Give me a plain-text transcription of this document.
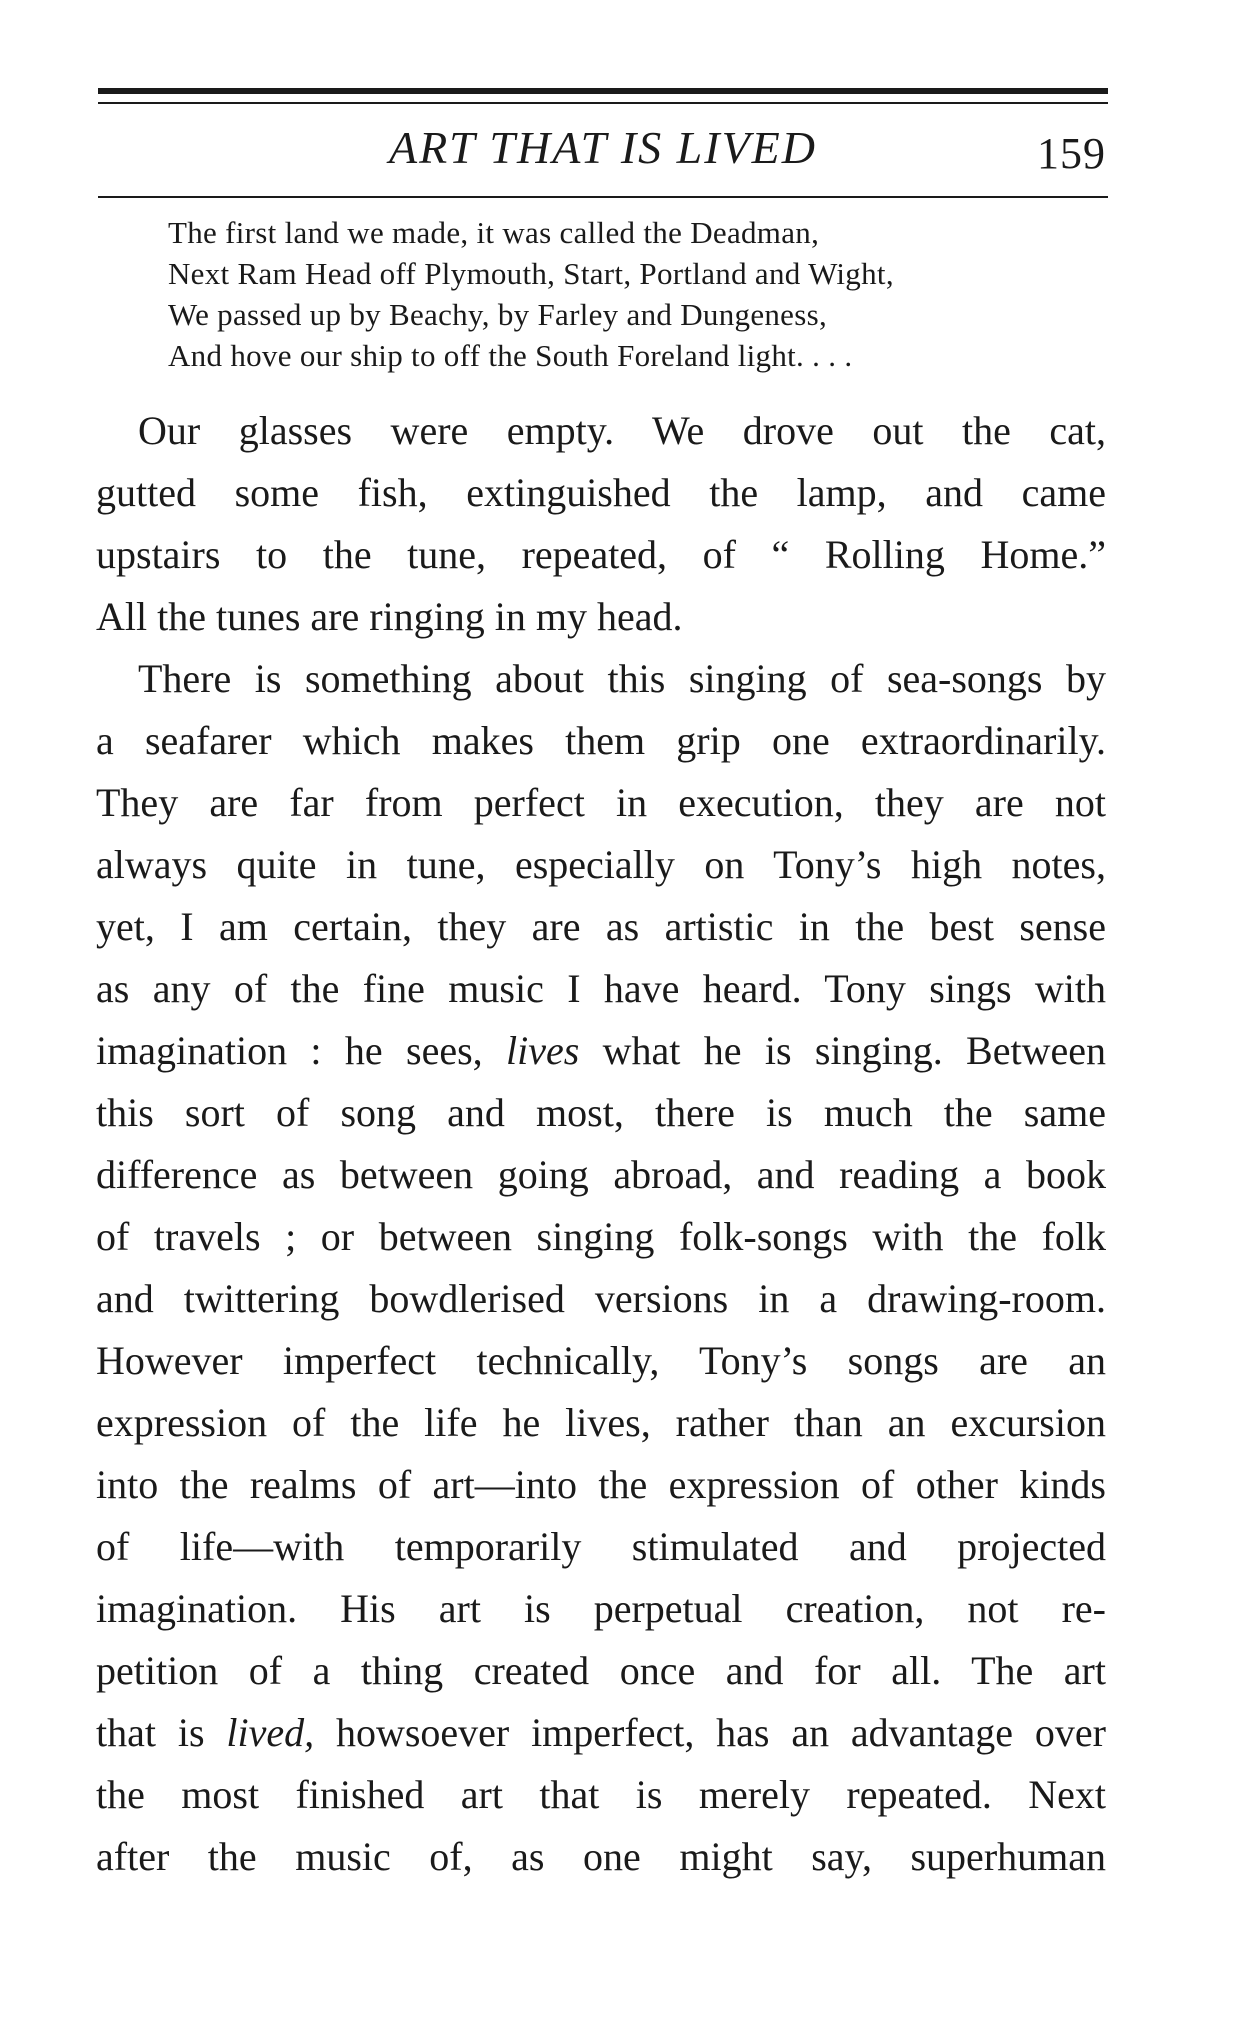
ART THAT IS LIVED	159
The first land we made, it was called the Deadman,
Next Ram Head off Plymouth, Start, Portland and Wight,
We passed up by Beachy, by Farley and Dungeness,
And hove our ship to off the South Foreland light. . . .
Our glasses were empty. We drove out the cat,
gutted some fish, extinguished the lamp, and came
upstairs to the tune, repeated, of “ Rolling Home.”
All the tunes are ringing in my head.
There is something about this singing of sea-songs by
a seafarer which makes them grip one extraordinarily.
They are far from perfect in execution, they are not
always quite in tune, especially on Tony’s high notes,
yet, I am certain, they are as artistic in the best sense
as any of the fine music I have heard. Tony sings with
imagination : he sees, lives what he is singing. Between
this sort of song and most, there is much the same
difference as between going abroad, and reading a book
of travels ; or between singing folk-songs with the folk
and twittering bowdlerised versions in a drawing-room.
However imperfect technically, Tony’s songs are an
expression of the life he lives, rather than an excursion
into the realms of art—into the expression of other kinds
of life—with temporarily stimulated and projected
imagination. His art is perpetual creation, not re-
petition of a thing created once and for all. The art
that is lived, howsoever imperfect, has an advantage over
the most finished art that is merely repeated. Next
after the music of, as one might say, superhuman
